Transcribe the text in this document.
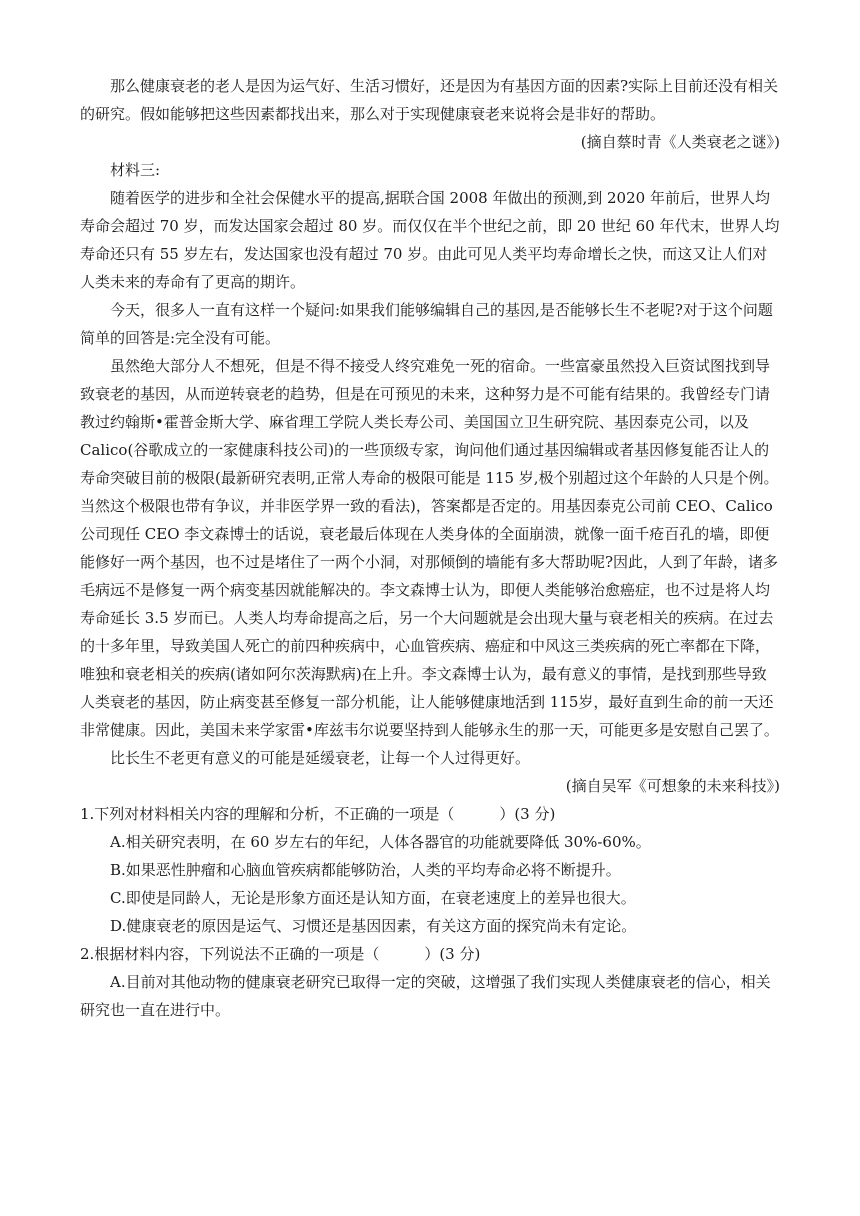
那么健康衰老的老人是因为运气好、生活习惯好，还是因为有基因方面的因素?实际上目前还没有相关的研究。假如能够把这些因素都找出来，那么对于实现健康衰老来说将会是非好的帮助。

(摘自蔡时青《人类衰老之谜》)

材料三:

随着医学的进步和全社会保健水平的提高,据联合国 2008 年做出的预测,到 2020 年前后，世界人均寿命会超过 70 岁，而发达国家会超过 80 岁。而仅仅在半个世纪之前，即 20 世纪 60 年代末，世界人均寿命还只有 55 岁左右，发达国家也没有超过 70 岁。由此可见人类平均寿命增长之快，而这又让人们对人类未来的寿命有了更高的期许。

今天，很多人一直有这样一个疑问:如果我们能够编辑自己的基因,是否能够长生不老呢?对于这个问题简单的回答是:完全没有可能。

虽然绝大部分人不想死，但是不得不接受人终究难免一死的宿命。一些富豪虽然投入巨资试图找到导致衰老的基因，从而逆转衰老的趋势，但是在可预见的未来，这种努力是不可能有结果的。我曾经专门请教过约翰斯•霍普金斯大学、麻省理工学院人类长寿公司、美国国立卫生研究院、基因泰克公司，以及 Calico(谷歌成立的一家健康科技公司)的一些顶级专家，询问他们通过基因编辑或者基因修复能否让人的寿命突破目前的极限(最新研究表明,正常人寿命的极限可能是 115 岁,极个别超过这个年龄的人只是个例。当然这个极限也带有争议，并非医学界一致的看法)，答案都是否定的。用基因泰克公司前 CEO、Calico 公司现任 CEO 李文森博士的话说，衰老最后体现在人类身体的全面崩溃，就像一面千疮百孔的墙，即便能修好一两个基因，也不过是堵住了一两个小洞，对那倾倒的墙能有多大帮助呢?因此，人到了年龄，诸多毛病远不是修复一两个病变基因就能解决的。李文森博士认为，即便人类能够治愈癌症，也不过是将人均寿命延长 3.5 岁而已。人类人均寿命提高之后，另一个大问题就是会出现大量与衰老相关的疾病。在过去的十多年里，导致美国人死亡的前四种疾病中，心血管疾病、癌症和中风这三类疾病的死亡率都在下降，唯独和衰老相关的疾病(诸如阿尔茨海默病)在上升。李文森博士认为，最有意义的事情，是找到那些导致人类衰老的基因，防止病变甚至修复一部分机能，让人能够健康地活到 115岁，最好直到生命的前一天还非常健康。因此，美国未来学家雷•库兹韦尔说要坚持到人能够永生的那一天，可能更多是安慰自己罢了。

比长生不老更有意义的可能是延缓衰老，让每一个人过得更好。

(摘自吴军《可想象的未来科技》)

1.下列对材料相关内容的理解和分析，不正确的一项是（　　　）(3 分)

A.相关研究表明，在 60 岁左右的年纪，人体各器官的功能就要降低 30%-60%。

B.如果恶性肿瘤和心脑血管疾病都能够防治，人类的平均寿命必将不断提升。

C.即使是同龄人，无论是形象方面还是认知方面，在衰老速度上的差异也很大。

D.健康衰老的原因是运气、习惯还是基因因素，有关这方面的探究尚未有定论。

2.根据材料内容，下列说法不正确的一项是（　　　）(3 分)

A.目前对其他动物的健康衰老研究已取得一定的突破，这增强了我们实现人类健康衰老的信心，相关研究也一直在进行中。
